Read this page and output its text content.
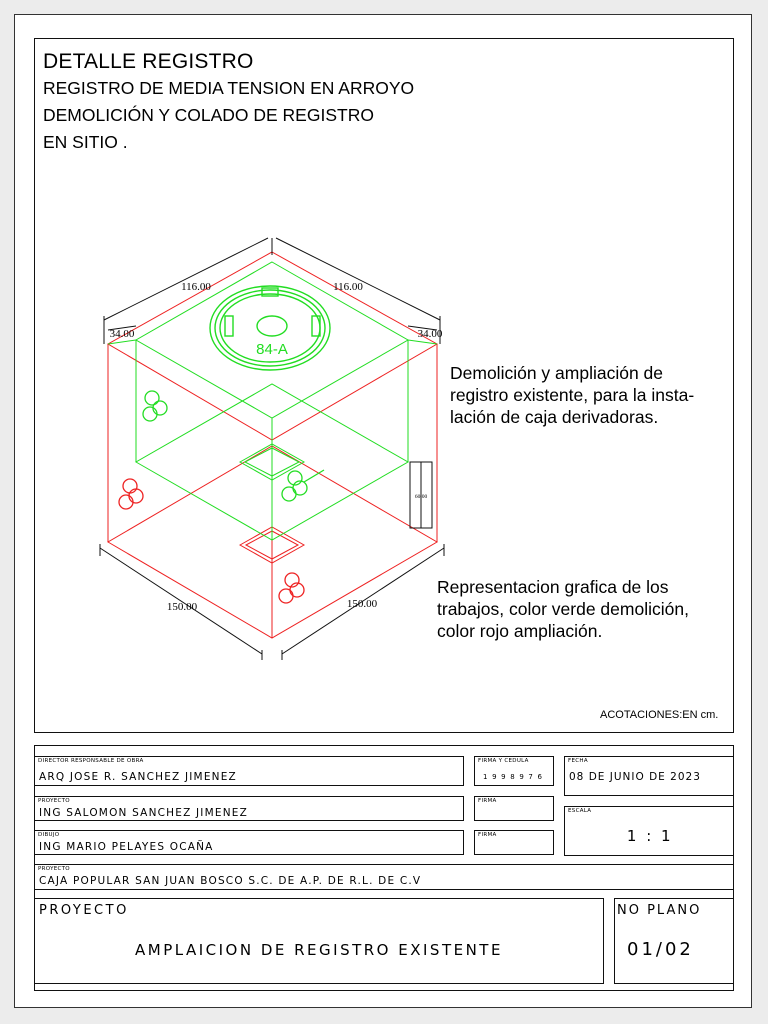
DETALLE REGISTRO
REGISTRO DE MEDIA TENSION EN ARROYO
DEMOLICIÓN Y COLADO DE REGISTRO
EN SITIO .
84-A
116.00	116.00
34.00	34.00
150.00	150.00
60.00
Demolición y ampliación de
registro existente, para la insta-
lación de caja derivadoras.
Representacion grafica de los
trabajos, color verde demolición,
color rojo ampliación.
ACOTACIONES:EN cm.
DIRECTOR RESPONSABLE DE OBRA
ARQ JOSE R. SANCHEZ JIMENEZ
FIRMA Y CEDULA
1 9 9 8 9 7 6
FECHA
08 DE JUNIO DE 2023
PROYECTO
ING SALOMON SANCHEZ JIMENEZ
FIRMA
ESCALA
1 : 1
DIBUJO
ING MARIO PELAYES OCAÑA
FIRMA
PROYECTO
CAJA POPULAR SAN JUAN BOSCO S.C. DE A.P. DE R.L. DE C.V
PROYECTO
AMPLAICION DE REGISTRO EXISTENTE
NO PLANO
01/02
